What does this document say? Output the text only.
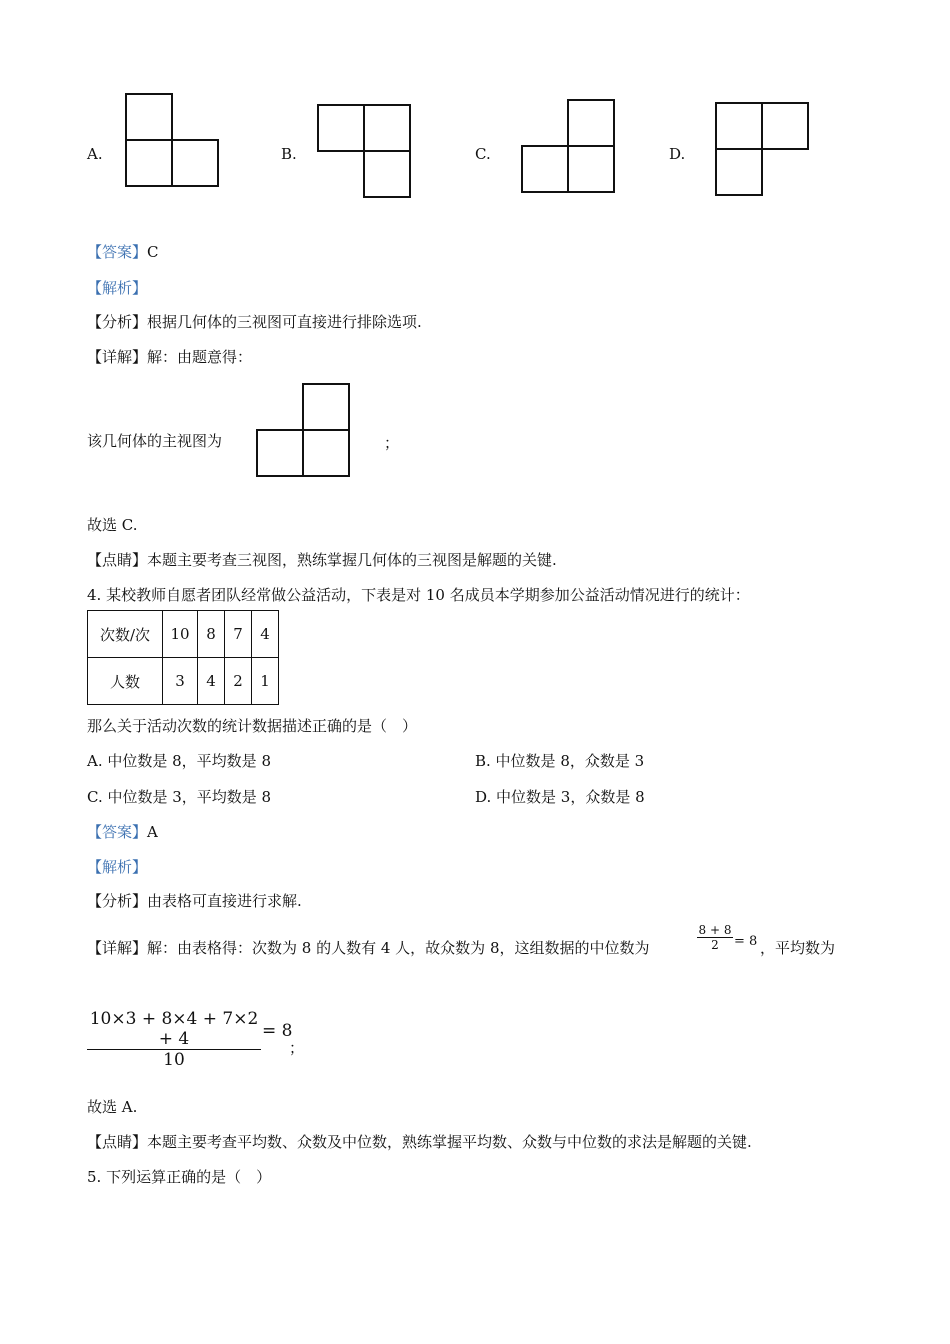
A.	B.	C.	D.
【答案】C
【解析】
【分析】根据几何体的三视图可直接进行排除选项.
【详解】解：由题意得：
该几何体的主视图为	；
故选 C.
【点睛】本题主要考查三视图，熟练掌握几何体的三视图是解题的关键.
4. 某校教师自愿者团队经常做公益活动，下表是对 10 名成员本学期参加公益活动情况进行的统计：
次数/次	10	8	7	4
人数	3	4	2	1
那么关于活动次数的统计数据描述正确的是（　）
A. 中位数是 8，平均数是 8	B. 中位数是 8，众数是 3
C. 中位数是 3，平均数是 8	D. 中位数是 3，众数是 8
【答案】A
【解析】
【分析】由表格可直接进行求解.
【详解】解：由表格得：次数为 8 的人数有 4 人，故众数为 8，这组数据的中位数为
8 + 8
2	= 8 ，平均数为
10×3 + 8×4 + 7×2 + 4
10
= 8
；
故选 A.
【点睛】本题主要考查平均数、众数及中位数，熟练掌握平均数、众数与中位数的求法是解题的关键.
5. 下列运算正确的是（　）
